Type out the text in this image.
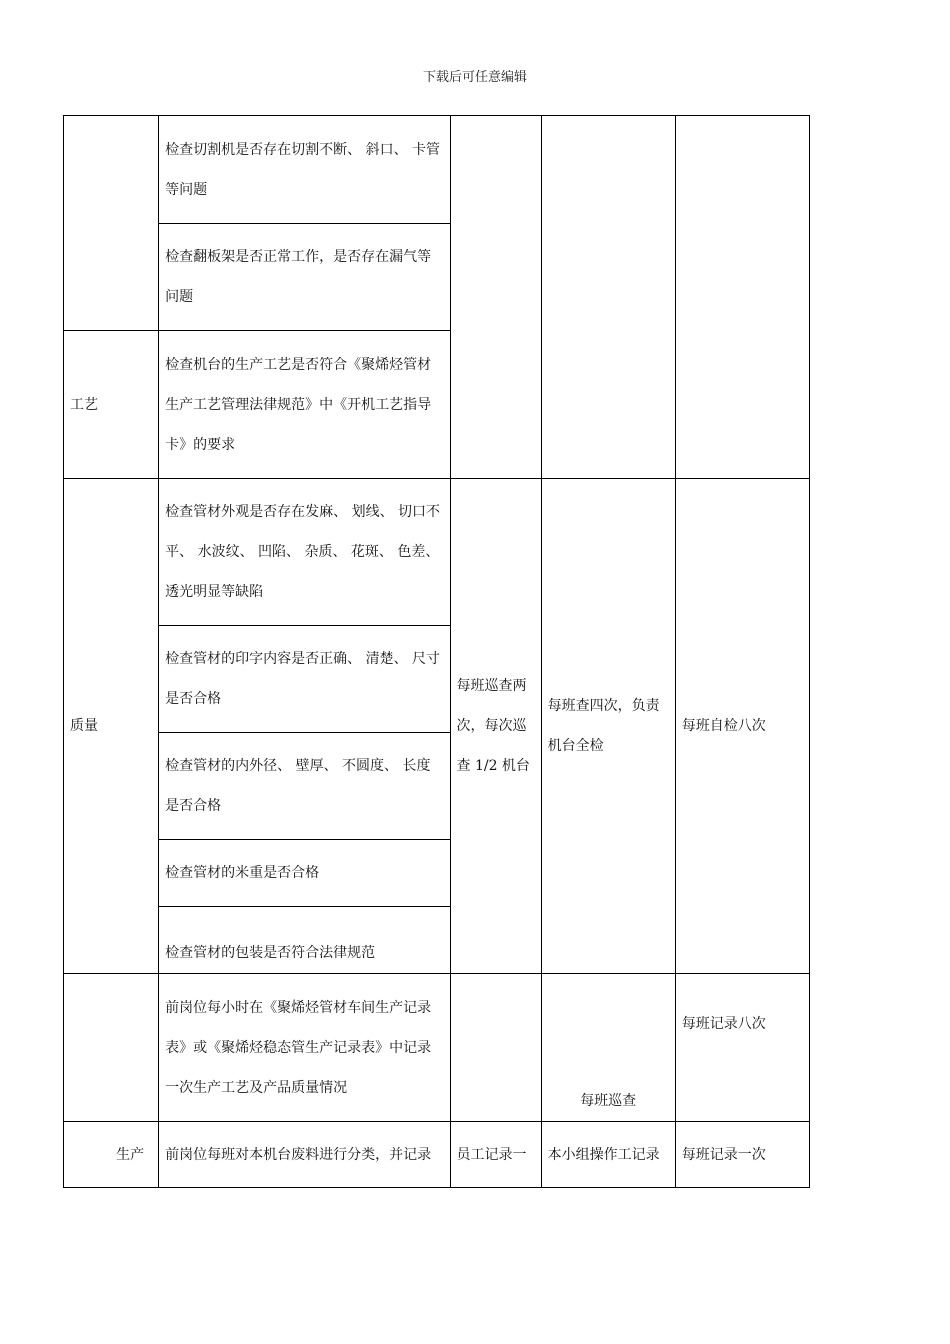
下载后可任意编辑
	检查切割机是否存在切割不断、 斜口、 卡管等问题			
	检查翻板架是否正常工作，是否存在漏气等问题			
工艺	检查机台的生产工艺是否符合《聚烯烃管材生产工艺管理法律规范》中《开机工艺指导卡》的要求			
质量	检查管材外观是否存在发麻、 划线、 切口不平、 水波纹、 凹陷、 杂质、 花斑、 色差、 透光明显等缺陷	每班巡查两次，每次巡查 1/2 机台	每班查四次，负责机台全检	每班自检八次
	检查管材的印字内容是否正确、 清楚、 尺寸是否合格			
	检查管材的内外径、 壁厚、 不圆度、 长度是否合格			
	检查管材的米重是否合格			
	检查管材的包装是否符合法律规范			
	前岗位每小时在《聚烯烃管材车间生产记录表》或《聚烯烃稳态管生产记录表》中记录一次生产工艺及产品质量情况		每班巡查	每班记录八次
生产	前岗位每班对本机台废料进行分类，并记录	员工记录一	本小组操作工记录	每班记录一次
